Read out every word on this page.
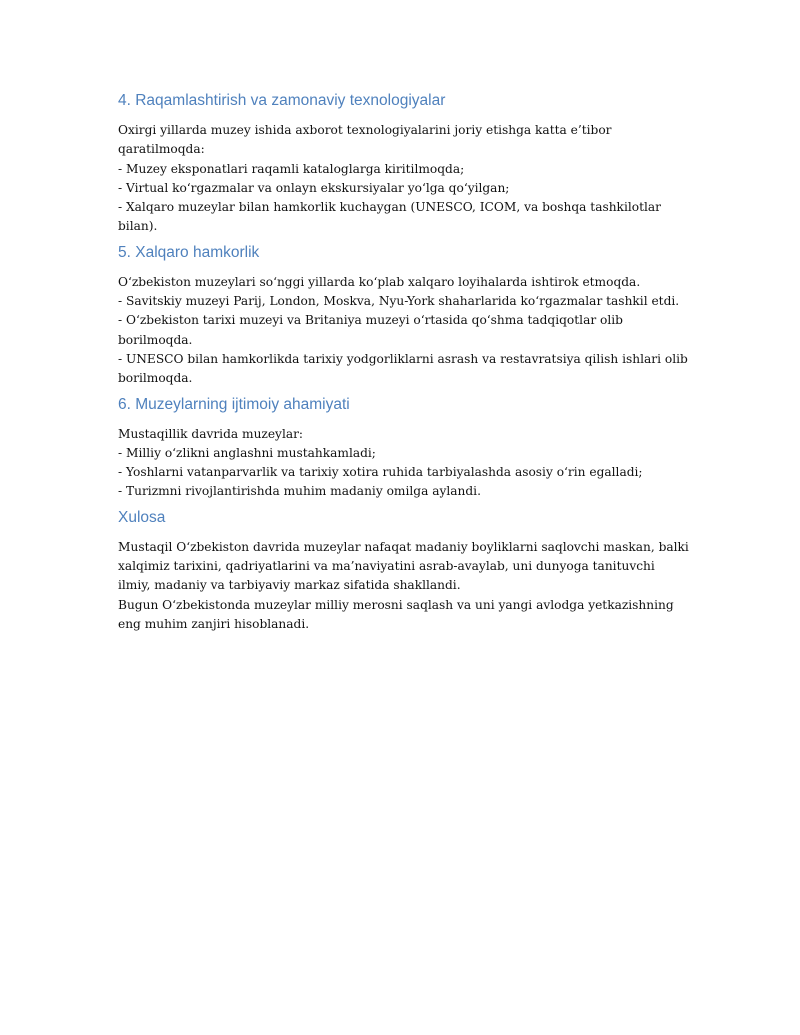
4. Raqamlashtirish va zamonaviy texnologiyalar

Oxirgi yillarda muzey ishida axborot texnologiyalarini joriy etishga katta e’tibor
qaratilmoqda:
- Muzey eksponatlari raqamli kataloglarga kiritilmoqda;
- Virtual koʻrgazmalar va onlayn ekskursiyalar yoʻlga qoʻyilgan;
- Xalqaro muzeylar bilan hamkorlik kuchaygan (UNESCO, ICOM, va boshqa tashkilotlar
bilan).

5. Xalqaro hamkorlik

Oʻzbekiston muzeylari soʻnggi yillarda koʻplab xalqaro loyihalarda ishtirok etmoqda.
- Savitskiy muzeyi Parij, London, Moskva, Nyu-York shaharlarida koʻrgazmalar tashkil etdi.
- Oʻzbekiston tarixi muzeyi va Britaniya muzeyi oʻrtasida qoʻshma tadqiqotlar olib
borilmoqda.
- UNESCO bilan hamkorlikda tarixiy yodgorliklarni asrash va restavratsiya qilish ishlari olib
borilmoqda.

6. Muzeylarning ijtimoiy ahamiyati

Mustaqillik davrida muzeylar:
- Milliy oʻzlikni anglashni mustahkamladi;
- Yoshlarni vatanparvarlik va tarixiy xotira ruhida tarbiyalashda asosiy oʻrin egalladi;
- Turizmni rivojlantirishda muhim madaniy omilga aylandi.

Xulosa

Mustaqil Oʻzbekiston davrida muzeylar nafaqat madaniy boyliklarni saqlovchi maskan, balki
xalqimiz tarixini, qadriyatlarini va ma’naviyatini asrab-avaylab, uni dunyoga tanituvchi
ilmiy, madaniy va tarbiyaviy markaz sifatida shakllandi.
Bugun Oʻzbekistonda muzeylar milliy merosni saqlash va uni yangi avlodga yetkazishning
eng muhim zanjiri hisoblanadi.
